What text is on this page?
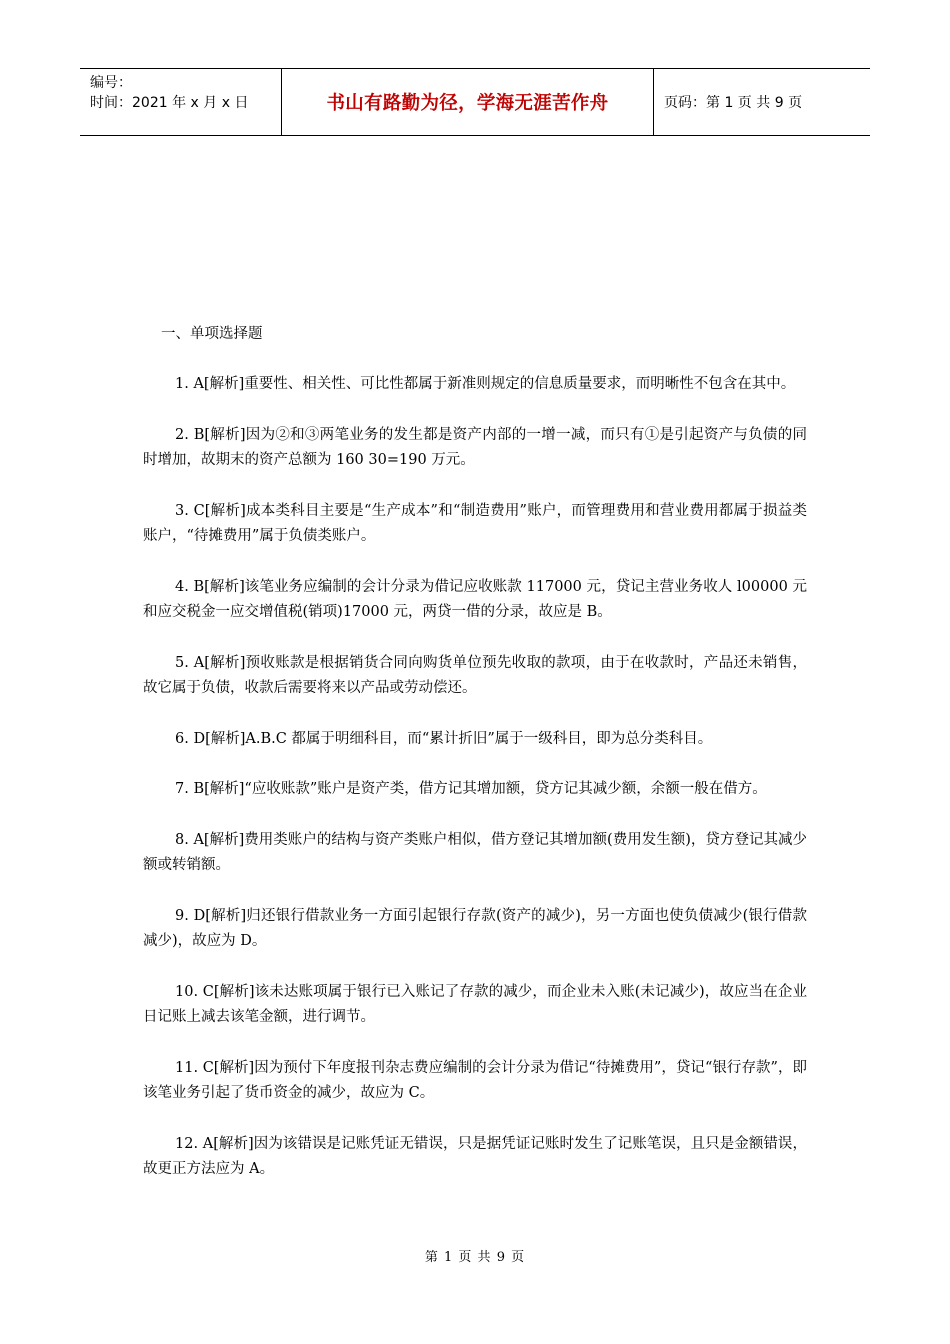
编号：
时间：2021 年 x 月 x 日	书山有路勤为径，学海无涯苦作舟	页码：第 1 页 共 9 页

一、单项选择题

1. A[解析]重要性、相关性、可比性都属于新准则规定的信息质量要求，而明晰性不包含在其中。

2. B[解析]因为②和③两笔业务的发生都是资产内部的一增一减，而只有①是引起资产与负债的同时增加，故期末的资产总额为 160 30=190 万元。

3. C[解析]成本类科目主要是“生产成本”和“制造费用”账户，而管理费用和营业费用都属于损益类账户，“待摊费用”属于负债类账户。

4. B[解析]该笔业务应编制的会计分录为借记应收账款 117000 元，贷记主营业务收人 l00000 元和应交税金一应交增值税(销项)17000 元，两贷一借的分录，故应是 B。

5. A[解析]预收账款是根据销货合同向购货单位预先收取的款项，由于在收款时，产品还未销售，故它属于负债，收款后需要将来以产品或劳动偿还。

6. D[解析]A.B.C 都属于明细科目，而“累计折旧”属于一级科目，即为总分类科目。

7. B[解析]“应收账款”账户是资产类，借方记其增加额，贷方记其减少额，余额一般在借方。

8. A[解析]费用类账户的结构与资产类账户相似，借方登记其增加额(费用发生额)，贷方登记其减少额或转销额。

9. D[解析]归还银行借款业务一方面引起银行存款(资产的减少)，另一方面也使负债减少(银行借款减少)，故应为 D。

10. C[解析]该未达账项属于银行已入账记了存款的减少，而企业未入账(未记减少)，故应当在企业日记账上减去该笔金额，进行调节。

11. C[解析]因为预付下年度报刊杂志费应编制的会计分录为借记“待摊费用”，贷记“银行存款”，即该笔业务引起了货币资金的减少，故应为 C。

12. A[解析]因为该错误是记账凭证无错误，只是据凭证记账时发生了记账笔误，且只是金额错误，故更正方法应为 A。

第 1 页 共 9 页
